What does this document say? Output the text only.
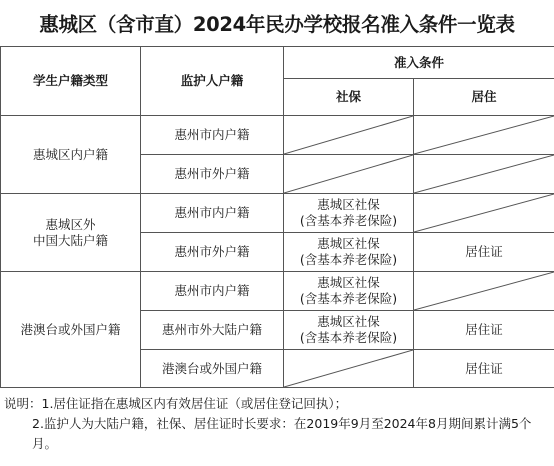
惠城区（含市直）2024年民办学校报名准入条件一览表
学生户籍类型	监护人户籍	准入条件	
		社保	居住
惠城区内户籍	惠州市内户籍	

	惠州市外户籍	

惠城区外
中国大陆户籍	惠州市内户籍	惠城区社保
(含基本养老保险)

	惠州市外户籍	惠城区社保
(含基本养老保险)	居住证
港澳台或外国户籍	惠州市内户籍	惠城区社保
(含基本养老保险)

	惠州市外大陆户籍	惠城区社保
(含基本养老保险)	居住证
	港澳台或外国户籍		居住证
说明：1.居住证指在惠城区内有效居住证（或居住登记回执）；
2.监护人为大陆户籍，社保、居住证时长要求：在2019年9月至2024年8月期间累计满5个月。
